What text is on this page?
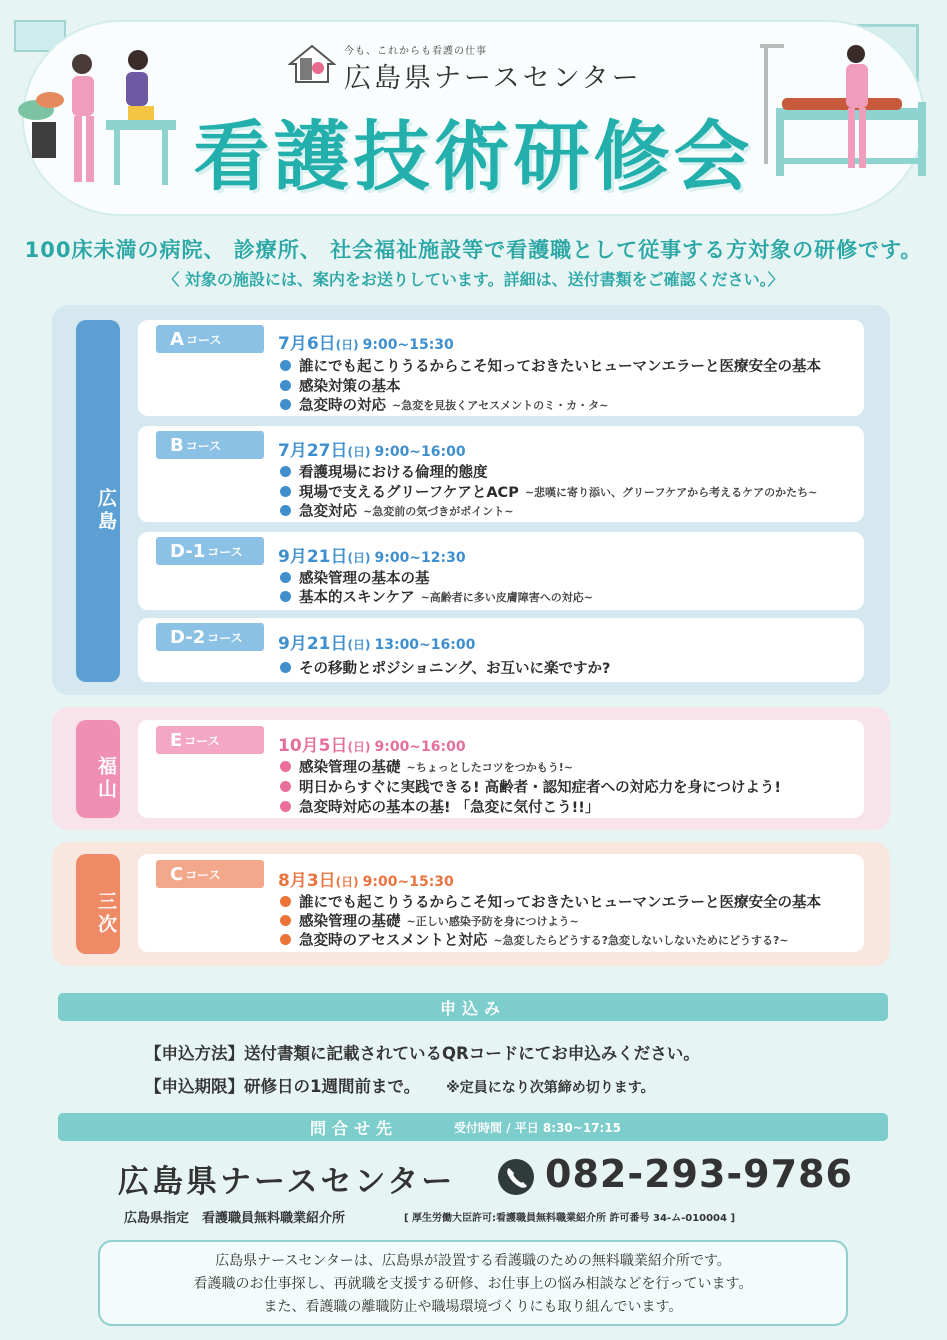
今も、これからも看護の仕事
広島県ナースセンター
看護技術研修会
100床未満の病院、 診療所、 社会福祉施設等で看護職として従事する方対象の研修です。
〈 対象の施設には、案内をお送りしています。詳細は、送付書類をご確認ください。〉
広島
A コース	7月6日(日) 9:00~15:30
誰にでも起こりうるからこそ知っておきたいヒューマンエラーと医療安全の基本
感染対策の基本
急変時の対応 ~急変を見抜くアセスメントのミ・カ・タ~
B コース	7月27日(日) 9:00~16:00
看護現場における倫理的態度
現場で支えるグリーフケアとACP ~悲嘆に寄り添い、グリーフケアから考えるケアのかたち~
急変対応 ~急変前の気づきがポイント~
D-1 コース 9月21日(日) 9:00~12:30
感染管理の基本の基
基本的スキンケア ~高齢者に多い皮膚障害への対応~
D-2 コース 9月21日(日) 13:00~16:00
その移動とポジショニング、お互いに楽ですか?
福山
E コース	10月5日(日) 9:00~16:00
感染管理の基礎 ~ちょっとしたコツをつかもう!~
明日からすぐに実践できる! 高齢者・認知症者への対応力を身につけよう!
急変時対応の基本の基! 「急変に気付こう!!」
三次
C コース	8月3日(日) 9:00~15:30
誰にでも起こりうるからこそ知っておきたいヒューマンエラーと医療安全の基本
感染管理の基礎 ~正しい感染予防を身につけよう~
急変時のアセスメントと対応 ~急変したらどうする?急変しないしないためにどうする?~
申込み
【申込方法】送付書類に記載されているQRコードにてお申込みください。
【申込期限】研修日の1週間前まで。 ※定員になり次第締め切ります。
問合せ先	受付時間 / 平日 8:30~17:15
広島県ナースセンター 082-293-9786
広島県指定　看護職員無料職業紹介所	[ 厚生労働大臣許可:看護職員無料職業紹介所 許可番号 34-ム-010004 ]
広島県ナースセンターは、広島県が設置する看護職のための無料職業紹介所です。
看護職のお仕事探し、再就職を支援する研修、お仕事上の悩み相談などを行っています。
また、看護職の離職防止や職場環境づくりにも取り組んでいます。
